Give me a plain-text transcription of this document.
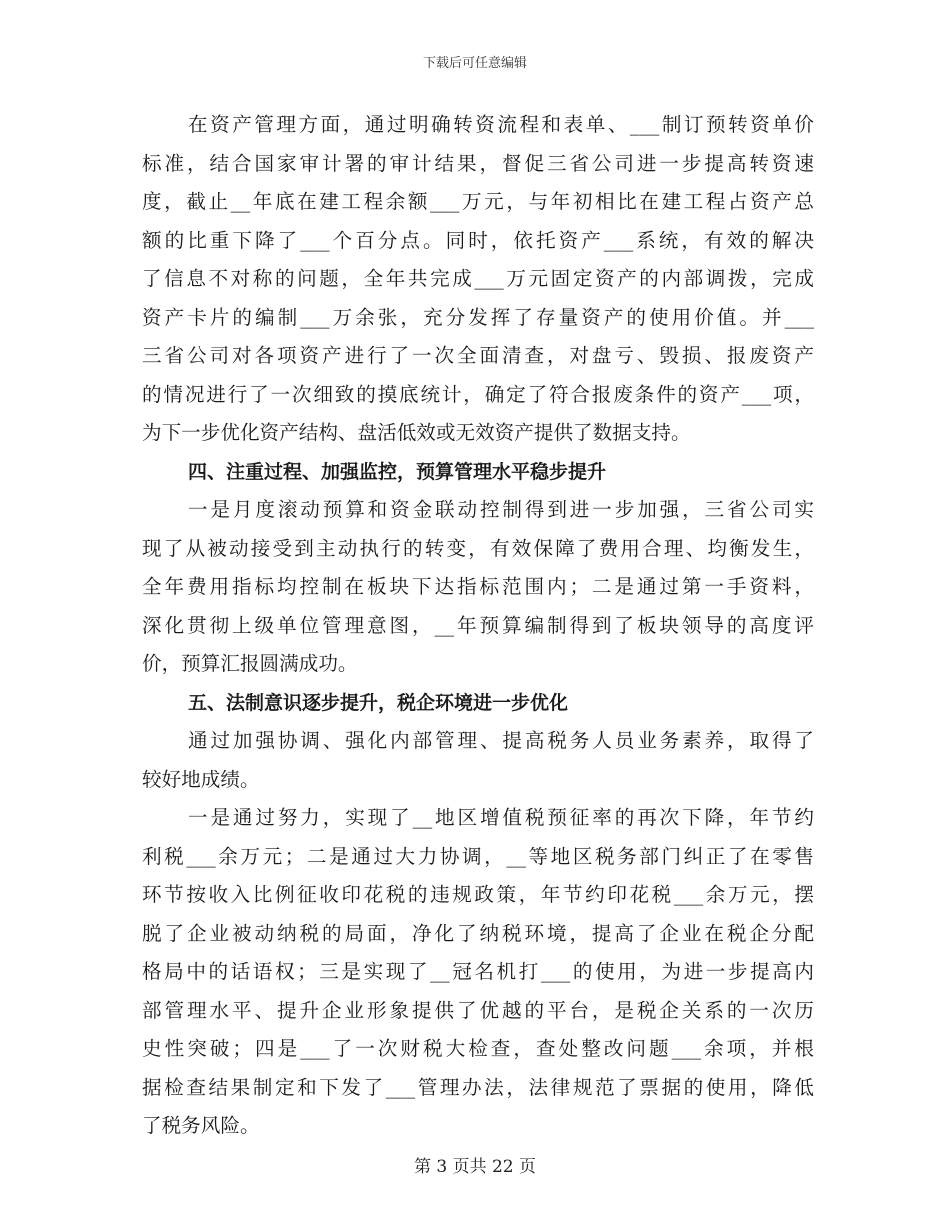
下载后可任意编辑
在资产管理方面，通过明确转资流程和表单、___制订预转资单价
标准，结合国家审计署的审计结果，督促三省公司进一步提高转资速
度，截止__年底在建工程余额___万元，与年初相比在建工程占资产总
额的比重下降了___个百分点。同时，依托资产___系统，有效的解决
了信息不对称的问题，全年共完成___万元固定资产的内部调拨，完成
资产卡片的编制___万余张，充分发挥了存量资产的使用价值。并___
三省公司对各项资产进行了一次全面清查，对盘亏、毁损、报废资产
的情况进行了一次细致的摸底统计，确定了符合报废条件的资产___项，
为下一步优化资产结构、盘活低效或无效资产提供了数据支持。
四、注重过程、加强监控，预算管理水平稳步提升
一是月度滚动预算和资金联动控制得到进一步加强，三省公司实
现了从被动接受到主动执行的转变，有效保障了费用合理、均衡发生，
全年费用指标均控制在板块下达指标范围内；二是通过第一手资料，
深化贯彻上级单位管理意图，__年预算编制得到了板块领导的高度评
价，预算汇报圆满成功。
五、法制意识逐步提升，税企环境进一步优化
通过加强协调、强化内部管理、提高税务人员业务素养，取得了
较好地成绩。
一是通过努力，实现了__地区增值税预征率的再次下降，年节约
利税___余万元；二是通过大力协调，__等地区税务部门纠正了在零售
环节按收入比例征收印花税的违规政策，年节约印花税___余万元，摆
脱了企业被动纳税的局面，净化了纳税环境，提高了企业在税企分配
格局中的话语权；三是实现了__冠名机打___的使用，为进一步提高内
部管理水平、提升企业形象提供了优越的平台，是税企关系的一次历
史性突破；四是___了一次财税大检查，查处整改问题___余项，并根
据检查结果制定和下发了___管理办法，法律规范了票据的使用，降低
了税务风险。
第 3 页共 22 页
